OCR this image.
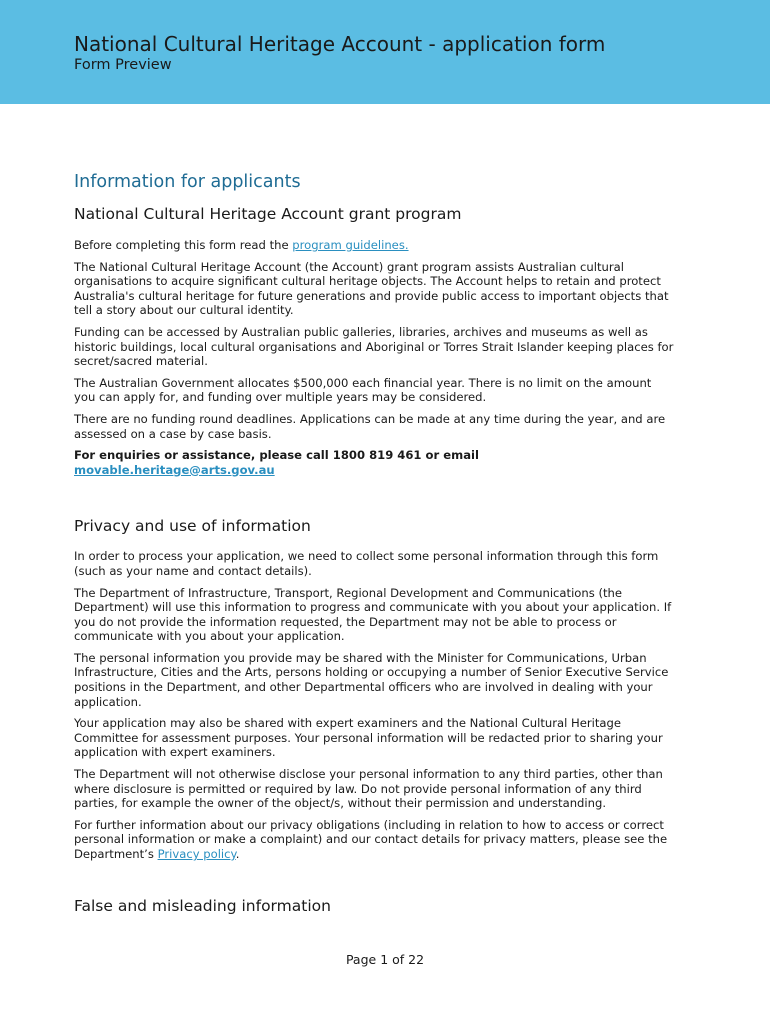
National Cultural Heritage Account - application form
Form Preview
Information for applicants
National Cultural Heritage Account grant program

Before completing this form read the program guidelines.

The National Cultural Heritage Account (the Account) grant program assists Australian cultural organisations to acquire significant cultural heritage objects. The Account helps to retain and protect Australia's cultural heritage for future generations and provide public access to important objects that tell a story about our cultural identity.

Funding can be accessed by Australian public galleries, libraries, archives and museums as well as historic buildings, local cultural organisations and Aboriginal or Torres Strait Islander keeping places for secret/sacred material.

The Australian Government allocates $500,000 each financial year. There is no limit on the amount you can apply for, and funding over multiple years may be considered.

There are no funding round deadlines. Applications can be made at any time during the year, and are assessed on a case by case basis.

For enquiries or assistance, please call 1800 819 461 or email
movable.heritage@arts.gov.au

Privacy and use of information

In order to process your application, we need to collect some personal information through this form (such as your name and contact details).

The Department of Infrastructure, Transport, Regional Development and Communications (the Department) will use this information to progress and communicate with you about your application. If you do not provide the information requested, the Department may not be able to process or communicate with you about your application.

The personal information you provide may be shared with the Minister for Communications, Urban Infrastructure, Cities and the Arts, persons holding or occupying a number of Senior Executive Service positions in the Department, and other Departmental officers who are involved in dealing with your application.

Your application may also be shared with expert examiners and the National Cultural Heritage Committee for assessment purposes. Your personal information will be redacted prior to sharing your application with expert examiners.

The Department will not otherwise disclose your personal information to any third parties, other than where disclosure is permitted or required by law. Do not provide personal information of any third parties, for example the owner of the object/s, without their permission and understanding.

For further information about our privacy obligations (including in relation to how to access or correct personal information or make a complaint) and our contact details for privacy matters, please see the Department’s Privacy policy.

False and misleading information
Page 1 of 22
